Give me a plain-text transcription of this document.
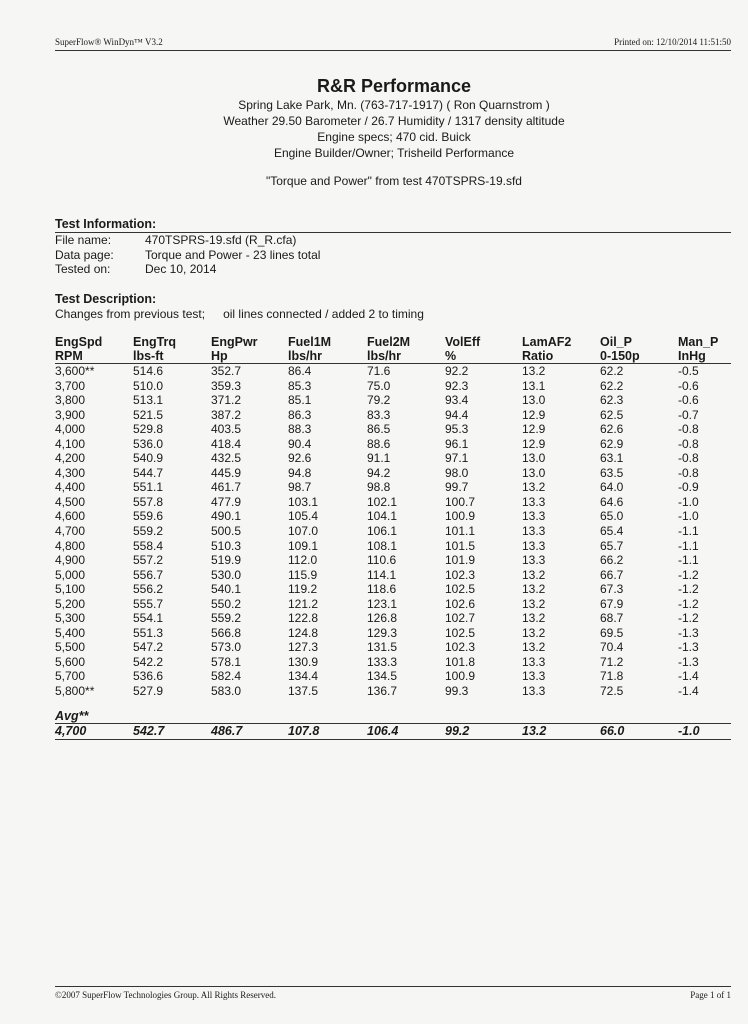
SuperFlow® WinDyn™ V3.2	Printed on: 12/10/2014 11:51:50
R&R Performance
Spring Lake Park, Mn. (763-717-1917) ( Ron Quarnstrom )
Weather 29.50 Barometer / 26.7 Humidity / 1317 density altitude
Engine specs; 470 cid. Buick
Engine Builder/Owner; Trisheild Performance
"Torque and Power" from test 470TSPRS-19.sfd
Test Information:
File name:	470TSPRS-19.sfd (R_R.cfa)
Data page:	Torque and Power - 23 lines total
Tested on:	Dec 10, 2014
Test Description:
Changes from previous test; oil lines connected / added 2 to timing
EngSpd	EngTrq	EngPwr	Fuel1M	Fuel2M	VolEff	LamAF2	Oil_P	Man_P
RPM	lbs-ft	Hp	lbs/hr	lbs/hr	%	Ratio	0-150p	InHg
3,600**	514.6	352.7	86.4	71.6	92.2	13.2	62.2	-0.5
3,700	510.0	359.3	85.3	75.0	92.3	13.1	62.2	-0.6
3,800	513.1	371.2	85.1	79.2	93.4	13.0	62.3	-0.6
3,900	521.5	387.2	86.3	83.3	94.4	12.9	62.5	-0.7
4,000	529.8	403.5	88.3	86.5	95.3	12.9	62.6	-0.8
4,100	536.0	418.4	90.4	88.6	96.1	12.9	62.9	-0.8
4,200	540.9	432.5	92.6	91.1	97.1	13.0	63.1	-0.8
4,300	544.7	445.9	94.8	94.2	98.0	13.0	63.5	-0.8
4,400	551.1	461.7	98.7	98.8	99.7	13.2	64.0	-0.9
4,500	557.8	477.9	103.1	102.1	100.7	13.3	64.6	-1.0
4,600	559.6	490.1	105.4	104.1	100.9	13.3	65.0	-1.0
4,700	559.2	500.5	107.0	106.1	101.1	13.3	65.4	-1.1
4,800	558.4	510.3	109.1	108.1	101.5	13.3	65.7	-1.1
4,900	557.2	519.9	112.0	110.6	101.9	13.3	66.2	-1.1
5,000	556.7	530.0	115.9	114.1	102.3	13.2	66.7	-1.2
5,100	556.2	540.1	119.2	118.6	102.5	13.2	67.3	-1.2
5,200	555.7	550.2	121.2	123.1	102.6	13.2	67.9	-1.2
5,300	554.1	559.2	122.8	126.8	102.7	13.2	68.7	-1.2
5,400	551.3	566.8	124.8	129.3	102.5	13.2	69.5	-1.3
5,500	547.2	573.0	127.3	131.5	102.3	13.2	70.4	-1.3
5,600	542.2	578.1	130.9	133.3	101.8	13.3	71.2	-1.3
5,700	536.6	582.4	134.4	134.5	100.9	13.3	71.8	-1.4
5,800**	527.9	583.0	137.5	136.7	99.3	13.3	72.5	-1.4
Avg**
4,700	542.7	486.7	107.8	106.4	99.2	13.2	66.0	-1.0
©2007 SuperFlow Technologies Group. All Rights Reserved.	Page 1 of 1
